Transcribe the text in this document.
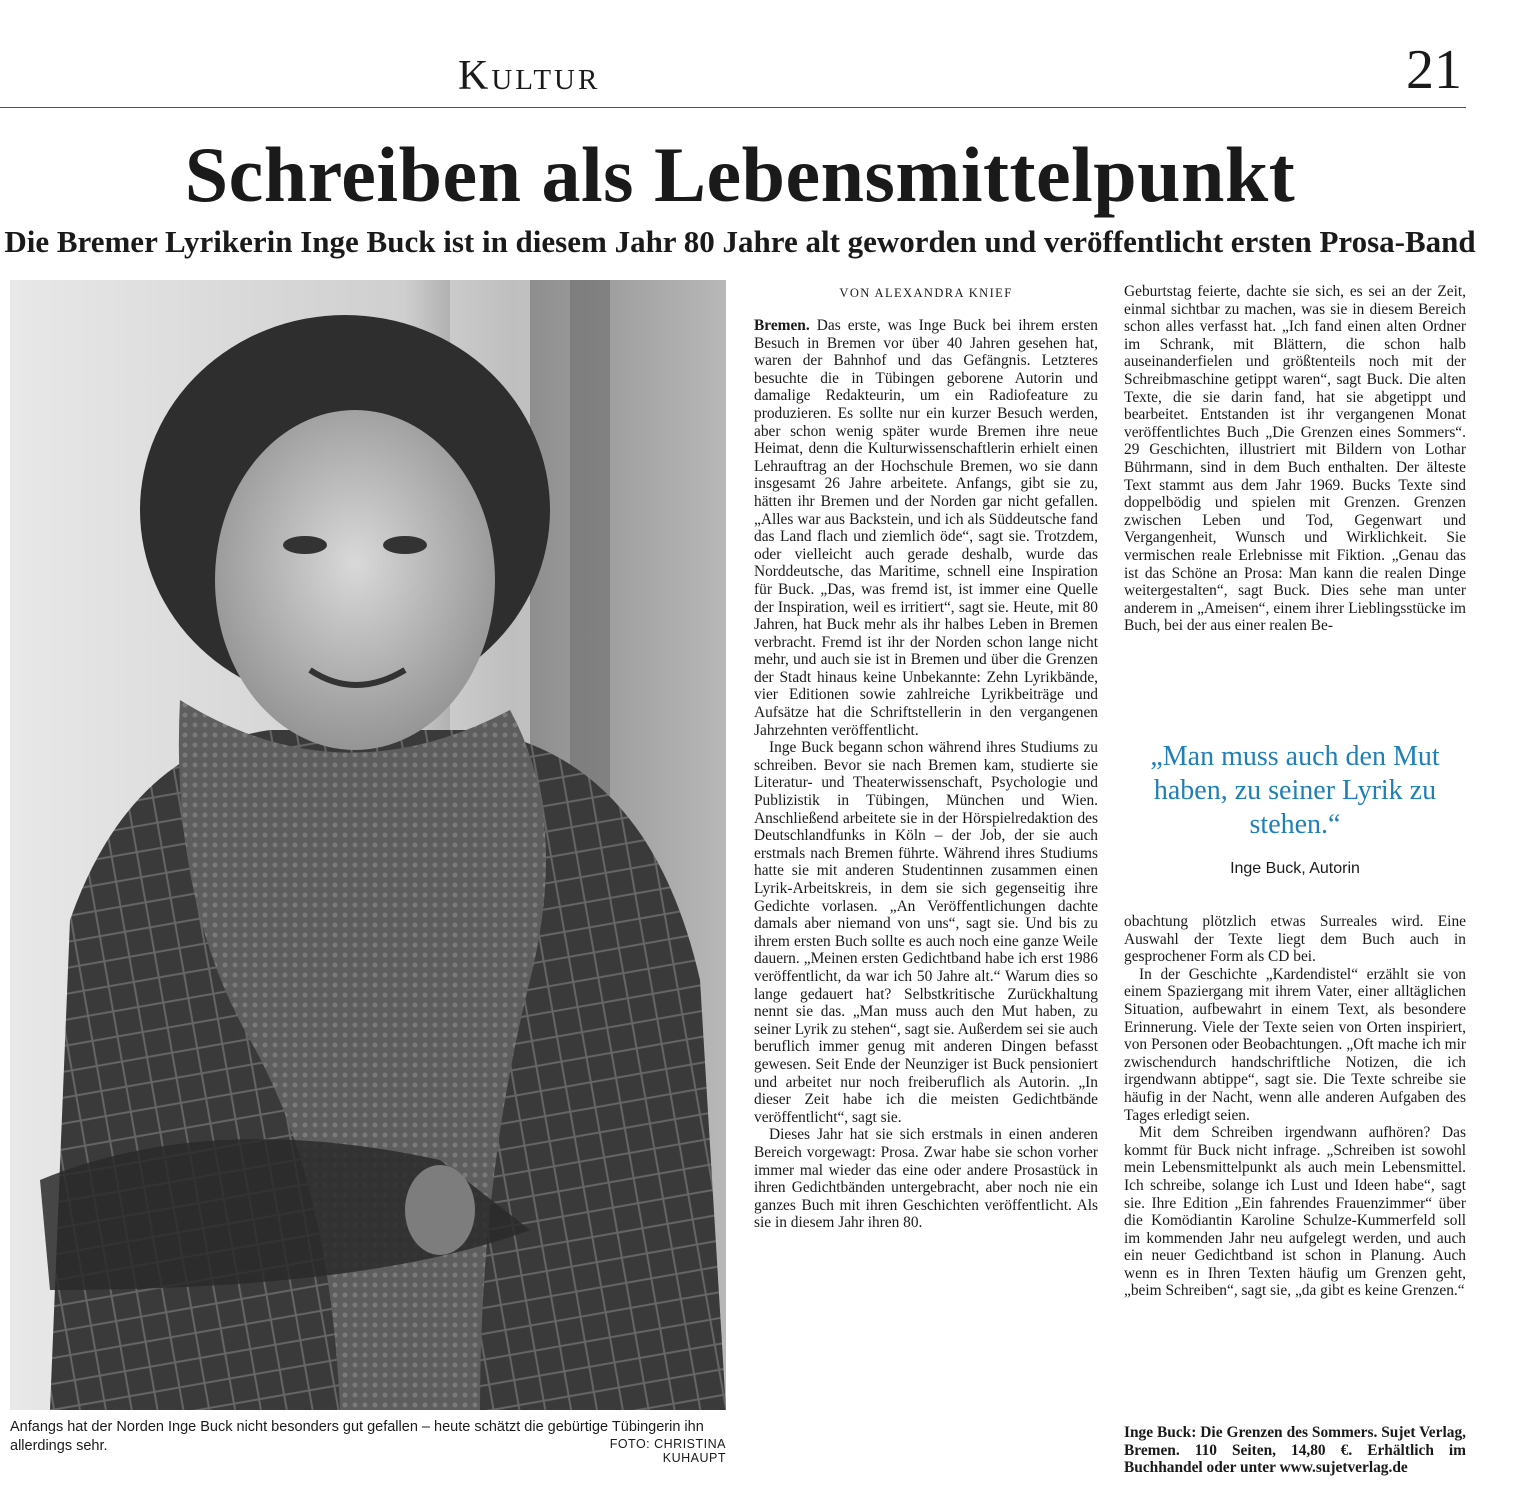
Kultur	21
Schreiben als Lebensmittelpunkt
Die Bremer Lyrikerin Inge Buck ist in diesem Jahr 80 Jahre alt geworden und veröffentlicht ersten Prosa-Band
Anfangs hat der Norden Inge Buck nicht besonders gut gefallen – heute schätzt die gebürtige Tübingerin ihn allerdings sehr.	FOTO: CHRISTINA KUHAUPT
VON ALEXANDRA KNIEF

Bremen. Das erste, was Inge Buck bei ihrem ersten Besuch in Bremen vor über 40 Jahren gesehen hat, waren der Bahnhof und das Gefängnis. Letzteres besuchte die in Tübingen geborene Autorin und damalige Redakteurin, um ein Radiofeature zu produzieren. Es sollte nur ein kurzer Besuch werden, aber schon wenig später wurde Bremen ihre neue Heimat, denn die Kulturwissenschaftlerin erhielt einen Lehrauftrag an der Hochschule Bremen, wo sie dann insgesamt 26 Jahre arbeitete. Anfangs, gibt sie zu, hätten ihr Bremen und der Norden gar nicht gefallen. „Alles war aus Backstein, und ich als Süddeutsche fand das Land flach und ziemlich öde“, sagt sie. Trotzdem, oder vielleicht auch gerade deshalb, wurde das Norddeutsche, das Maritime, schnell eine Inspiration für Buck. „Das, was fremd ist, ist immer eine Quelle der Inspiration, weil es irritiert“, sagt sie. Heute, mit 80 Jahren, hat Buck mehr als ihr halbes Leben in Bremen verbracht. Fremd ist ihr der Norden schon lange nicht mehr, und auch sie ist in Bremen und über die Grenzen der Stadt hinaus keine Unbekannte: Zehn Lyrikbände, vier Editionen sowie zahlreiche Lyrikbeiträge und Aufsätze hat die Schriftstellerin in den vergangenen Jahrzehnten veröffentlicht.

Inge Buck begann schon während ihres Studiums zu schreiben. Bevor sie nach Bremen kam, studierte sie Literatur- und Theaterwissenschaft, Psychologie und Publizistik in Tübingen, München und Wien. Anschließend arbeitete sie in der Hörspielredaktion des Deutschlandfunks in Köln – der Job, der sie auch erstmals nach Bremen führte. Während ihres Studiums hatte sie mit anderen Studentinnen zusammen einen Lyrik-Arbeitskreis, in dem sie sich gegenseitig ihre Gedichte vorlasen. „An Veröffentlichungen dachte damals aber niemand von uns“, sagt sie. Und bis zu ihrem ersten Buch sollte es auch noch eine ganze Weile dauern. „Meinen ersten Gedichtband habe ich erst 1986 veröffentlicht, da war ich 50 Jahre alt.“ Warum dies so lange gedauert hat? Selbstkritische Zurückhaltung nennt sie das. „Man muss auch den Mut haben, zu seiner Lyrik zu stehen“, sagt sie. Außerdem sei sie auch beruflich immer genug mit anderen Dingen befasst gewesen. Seit Ende der Neunziger ist Buck pensioniert und arbeitet nur noch freiberuflich als Autorin. „In dieser Zeit habe ich die meisten Gedichtbände veröffentlicht“, sagt sie.

Dieses Jahr hat sie sich erstmals in einen anderen Bereich vorgewagt: Prosa. Zwar habe sie schon vorher immer mal wieder das eine oder andere Prosastück in ihren Gedichtbänden untergebracht, aber noch nie ein ganzes Buch mit ihren Geschichten veröffentlicht. Als sie in diesem Jahr ihren 80.

Geburtstag feierte, dachte sie sich, es sei an der Zeit, einmal sichtbar zu machen, was sie in diesem Bereich schon alles verfasst hat. „Ich fand einen alten Ordner im Schrank, mit Blättern, die schon halb auseinanderfielen und größtenteils noch mit der Schreibmaschine getippt waren“, sagt Buck. Die alten Texte, die sie darin fand, hat sie abgetippt und bearbeitet. Entstanden ist ihr vergangenen Monat veröffentlichtes Buch „Die Grenzen eines Sommers“. 29 Geschichten, illustriert mit Bildern von Lothar Bührmann, sind in dem Buch enthalten. Der älteste Text stammt aus dem Jahr 1969. Bucks Texte sind doppelbödig und spielen mit Grenzen. Grenzen zwischen Leben und Tod, Gegenwart und Vergangenheit, Wunsch und Wirklichkeit. Sie vermischen reale Erlebnisse mit Fiktion. „Genau das ist das Schöne an Prosa: Man kann die realen Dinge weitergestalten“, sagt Buck. Dies sehe man unter anderem in „Ameisen“, einem ihrer Lieblingsstücke im Buch, bei der aus einer realen Be-

„Man muss auch den Mut haben, zu seiner Lyrik zu stehen.“
Inge Buck, Autorin

obachtung plötzlich etwas Surreales wird. Eine Auswahl der Texte liegt dem Buch auch in gesprochener Form als CD bei.

In der Geschichte „Kardendistel“ erzählt sie von einem Spaziergang mit ihrem Vater, einer alltäglichen Situation, aufbewahrt in einem Text, als besondere Erinnerung. Viele der Texte seien von Orten inspiriert, von Personen oder Beobachtungen. „Oft mache ich mir zwischendurch handschriftliche Notizen, die ich irgendwann abtippe“, sagt sie. Die Texte schreibe sie häufig in der Nacht, wenn alle anderen Aufgaben des Tages erledigt seien.

Mit dem Schreiben irgendwann aufhören? Das kommt für Buck nicht infrage. „Schreiben ist sowohl mein Lebensmittelpunkt als auch mein Lebensmittel. Ich schreibe, solange ich Lust und Ideen habe“, sagt sie. Ihre Edition „Ein fahrendes Frauenzimmer“ über die Komödiantin Karoline Schulze-Kummerfeld soll im kommenden Jahr neu aufgelegt werden, und auch ein neuer Gedichtband ist schon in Planung. Auch wenn es in Ihren Texten häufig um Grenzen geht, „beim Schreiben“, sagt sie, „da gibt es keine Grenzen.“

Inge Buck: Die Grenzen des Sommers. Sujet Verlag, Bremen. 110 Seiten, 14,80 €. Erhältlich im Buchhandel oder unter www.sujetverlag.de
